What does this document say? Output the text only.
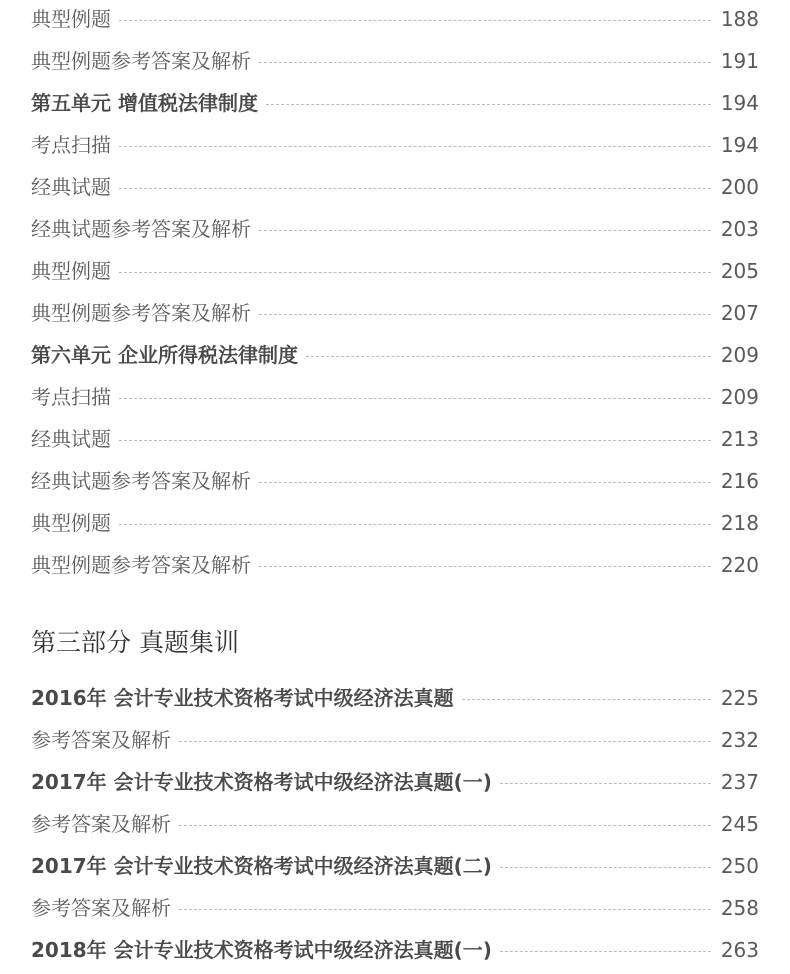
典型例题	188
典型例题参考答案及解析	191
第五单元 增值税法律制度	194
考点扫描	194
经典试题	200
经典试题参考答案及解析	203
典型例题	205
典型例题参考答案及解析	207
第六单元 企业所得税法律制度	209
考点扫描	209
经典试题	213
经典试题参考答案及解析	216
典型例题	218
典型例题参考答案及解析	220
2016年 会计专业技术资格考试中级经济法真题	225
参考答案及解析	232
2017年 会计专业技术资格考试中级经济法真题(一)	237
参考答案及解析	245
2017年 会计专业技术资格考试中级经济法真题(二)	250
参考答案及解析	258
2018年 会计专业技术资格考试中级经济法真题(一)	263
第三部分 真题集训
